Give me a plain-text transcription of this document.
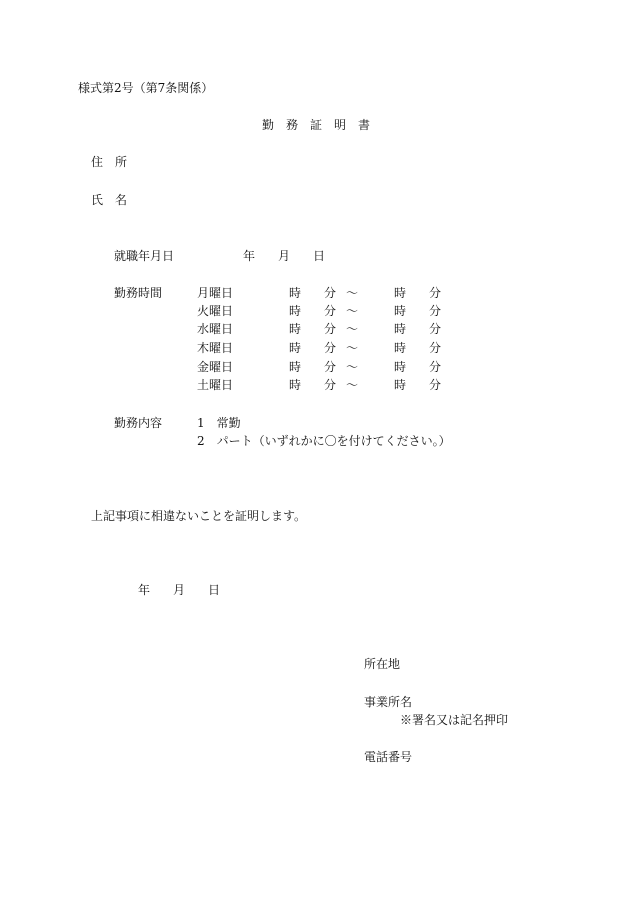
様式第2号（第7条関係）
勤　務　証　明　書
住　所
氏　名
就職年月日	年 月 日
勤務時間	月曜日	時 分 〜	時 分
火曜日	時 分 〜	時 分
水曜日	時 分 〜	時 分
木曜日	時 分 〜	時 分
金曜日	時 分 〜	時 分
土曜日	時 分 〜	時 分
勤務内容	1　常勤
2　パート（いずれかに〇を付けてください。）
上記事項に相違ないことを証明します。
年 月 日
所在地
事業所名
※署名又は記名押印
電話番号
